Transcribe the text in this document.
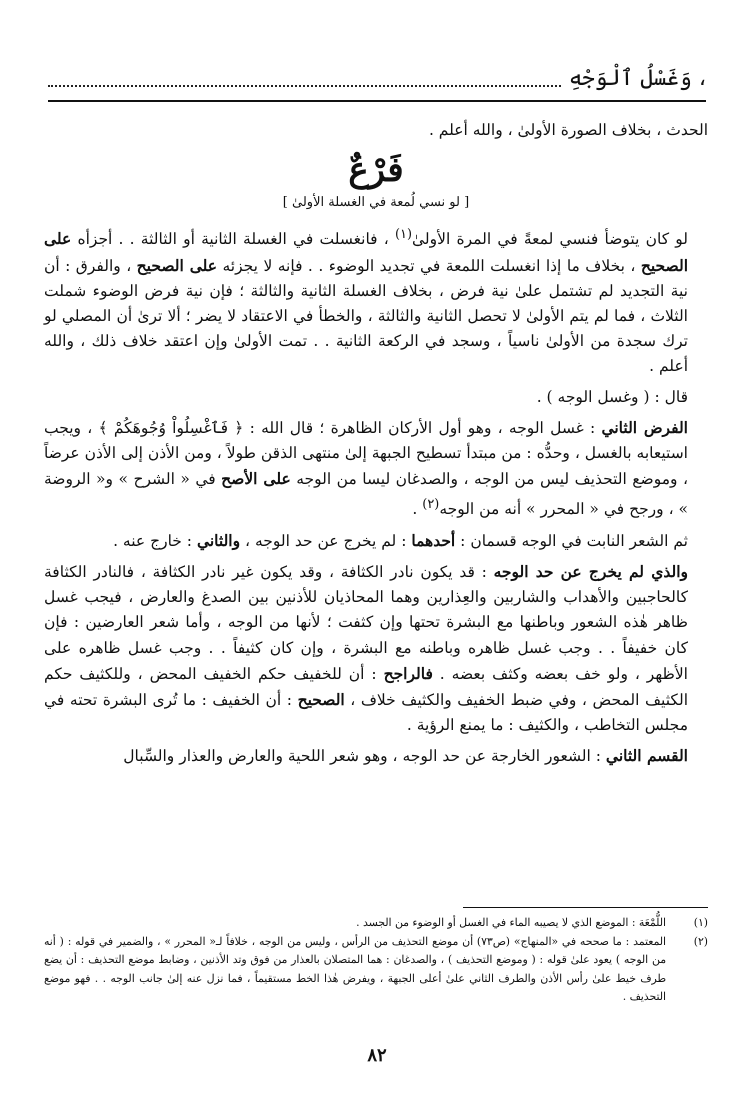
وَغَسْلُ ٱلْوَجْهِ ،

الحدث ، بخلاف الصورة الأولىٰ ، والله أعلم .

فَرْعٌ
[ لو نسي لُمعة في الغسلة الأولىٰ ]

لو كان يتوضأ فنسي لمعةً في المرة الأولىٰ$^{(١)}$ ، فانغسلت في الغسلة الثانية أو الثالثة . . أجزأه على الصحيح ، بخلاف ما إذا انغسلت اللمعة في تجديد الوضوء . . فإنه لا يجزئه على الصحيح ، والفرق : أن نية التجديد لم تشتمل علىٰ نية فرض ، بخلاف الغسلة الثانية والثالثة ؛ فإن نية فرض الوضوء شملت الثلاث ، فما لم يتم الأولىٰ لا تحصل الثانية والثالثة ، والخطأ في الاعتقاد لا يضر ؛ ألا ترىٰ أن المصلي لو ترك سجدة من الأولىٰ ناسياً ، وسجد في الركعة الثانية . . تمت الأولىٰ وإن اعتقد خلاف ذلك ، والله أعلم .

قال : ( وغسل الوجه ) .

الفرض الثاني : غسل الوجه ، وهو أول الأركان الظاهرة ؛ قال الله : ﴿ فَٱغْسِلُواْ وُجُوهَكُمْ ﴾ ، ويجب استيعابه بالغسل ، وحدُّه : من مبتدأ تسطيح الجبهة إلىٰ منتهى الذقن طولاً ، ومن الأذن إلى الأذن عرضاً ، وموضع التحذيف ليس من الوجه ، والصدغان ليسا من الوجه على الأصح في « الشرح » و« الروضة » ، ورجح في « المحرر » أنه من الوجه$^{(٢)}$ .

ثم الشعر النابت في الوجه قسمان : أحدهما : لم يخرج عن حد الوجه ، والثاني : خارج عنه .

والذي لم يخرج عن حد الوجه : قد يكون نادر الكثافة ، وقد يكون غير نادر الكثافة ، فالنادر الكثافة كالحاجبين والأهداب والشاربين والعِذارين وهما المحاذيان للأذنين بين الصدغ والعارض ، فيجب غسل ظاهر هٰذه الشعور وباطنها مع البشرة تحتها وإن كثفت ؛ لأنها من الوجه ، وأما شعر العارضين : فإن كان خفيفاً . . وجب غسل ظاهره وباطنه مع البشرة ، وإن كان كثيفاً . . وجب غسل ظاهره على الأظهر ، ولو خف بعضه وكثف بعضه . فالراجح : أن للخفيف حكم الخفيف المحض ، وللكثيف حكم الكثيف المحض ، وفي ضبط الخفيف والكثيف خلاف ، الصحيح : أن الخفيف : ما تُرى البشرة تحته في مجلس التخاطب ، والكثيف : ما يمنع الرؤية .

القسم الثاني : الشعور الخارجة عن حد الوجه ، وهو شعر اللحية والعارض والعذار والسِّبال

(١)
اللُّمْعَة : الموضع الذي لا يصيبه الماء في الغسل أو الوضوء من الجسد .
(٢)
المعتمد : ما صححه في «المنهاج» (ص٧٣) أن موضع التحذيف من الرأس ، وليس من الوجه ، خلافاً لـ« المحرر » ، والضمير في قوله : ( أنه من الوجه ) يعود علىٰ قوله : ( وموضع التحذيف ) ، والصدغان : هما المتصلان بالعذار من فوق وتد الأذنين ، وضابط موضع التحذيف : أن يضع طرف خيط علىٰ رأس الأذن والطرف الثاني علىٰ أعلى الجبهة ، ويفرض هٰذا الخط مستقيماً ، فما نزل عنه إلىٰ جانب الوجه . . فهو موضع التحذيف .
٨٢
